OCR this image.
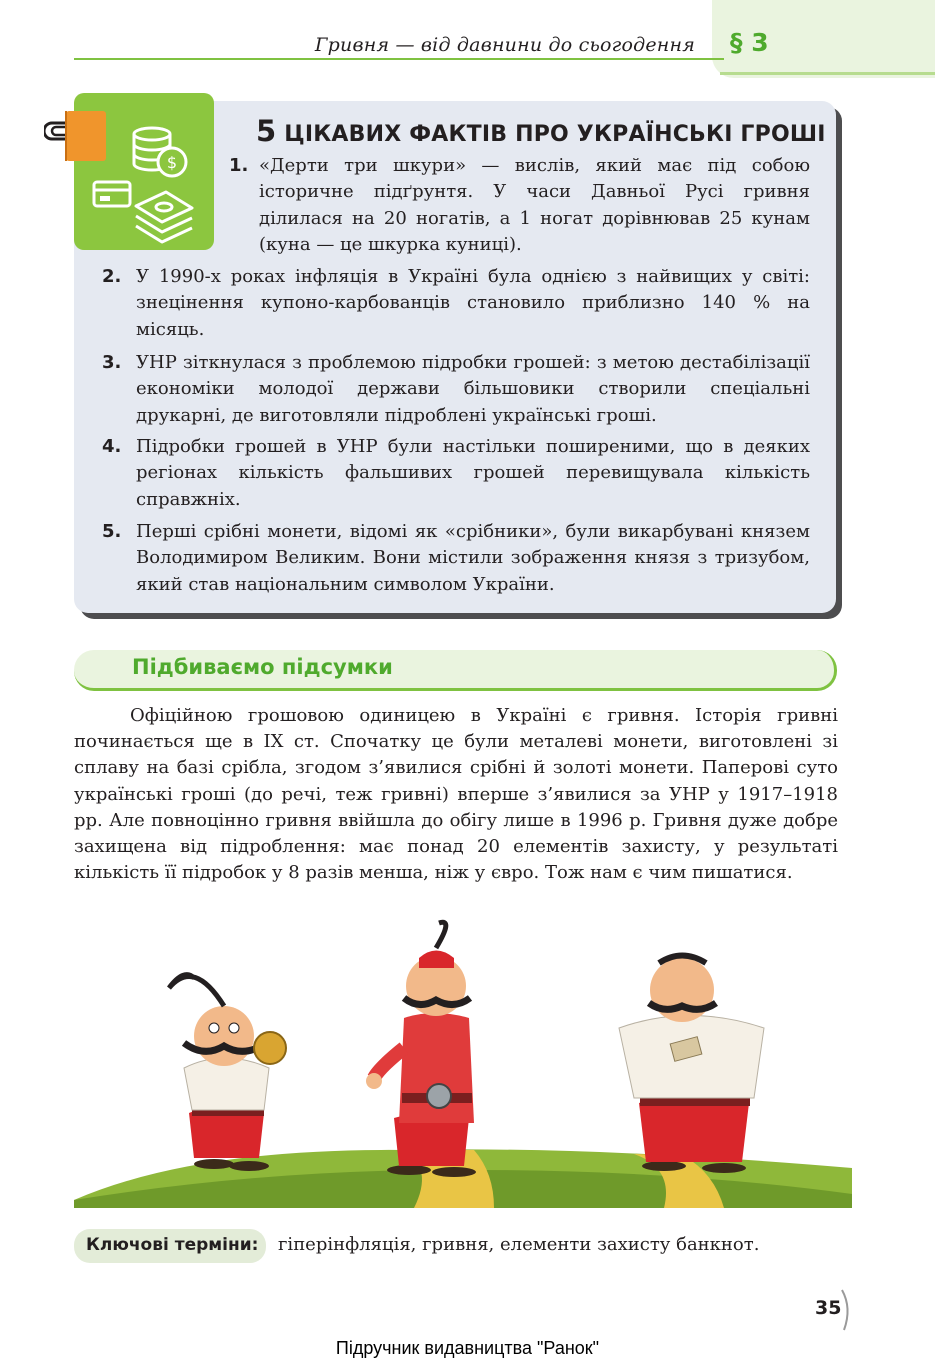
Гривня — від давнини до сьогодення § 3
$
5 ЦІКАВИХ ФАКТІВ ПРО УКРАЇНСЬКІ ГРОШІ
1. «Дерти три шкури» — вислів, який має під собою історичне підґрунтя. У часи Давньої Русі гривня ділилася на 20 ногатів, а 1 ногат дорівнював 25 кунам (куна — це шкурка куниці).
2. У 1990-х роках інфляція в Україні була однією з найвищих у світі: знецінення купоно-карбованців становило приблизно 140 % на місяць.
3. УНР зіткнулася з проблемою підробки грошей: з метою дестабілізації економіки молодої держави більшовики створили спеціальні друкарні, де виготовляли підроблені українські гроші.
4. Підробки грошей в УНР були настільки поширеними, що в деяких регіонах кількість фальшивих грошей перевищувала кількість справжніх.
5. Перші срібні монети, відомі як «срібники», були викарбувані князем Володимиром Великим. Вони містили зображення князя з тризубом, який став національним символом України.
Підбиваємо підсумки
Офіційною грошовою одиницею в Україні є гривня. Історія гривні починається ще в IX ст. Спочатку це були металеві монети, виготовлені зі сплаву на базі срібла, згодом з’явилися срібні й золоті монети. Паперові суто українські гроші (до речі, теж гривні) вперше з’явилися за УНР у 1917–1918 рр. Але повноцінно гривня ввійшла до обігу лише в 1996 р. Гривня дуже добре захищена від підроблення: має понад 20 елементів захисту, у результаті кількість її підробок у 8 разів менша, ніж у євро. Тож нам є чим пишатися.
Ключові терміни: гіперінфляція, гривня, елементи захисту банкнот.
35
Підручник видавництва "Ранок"
